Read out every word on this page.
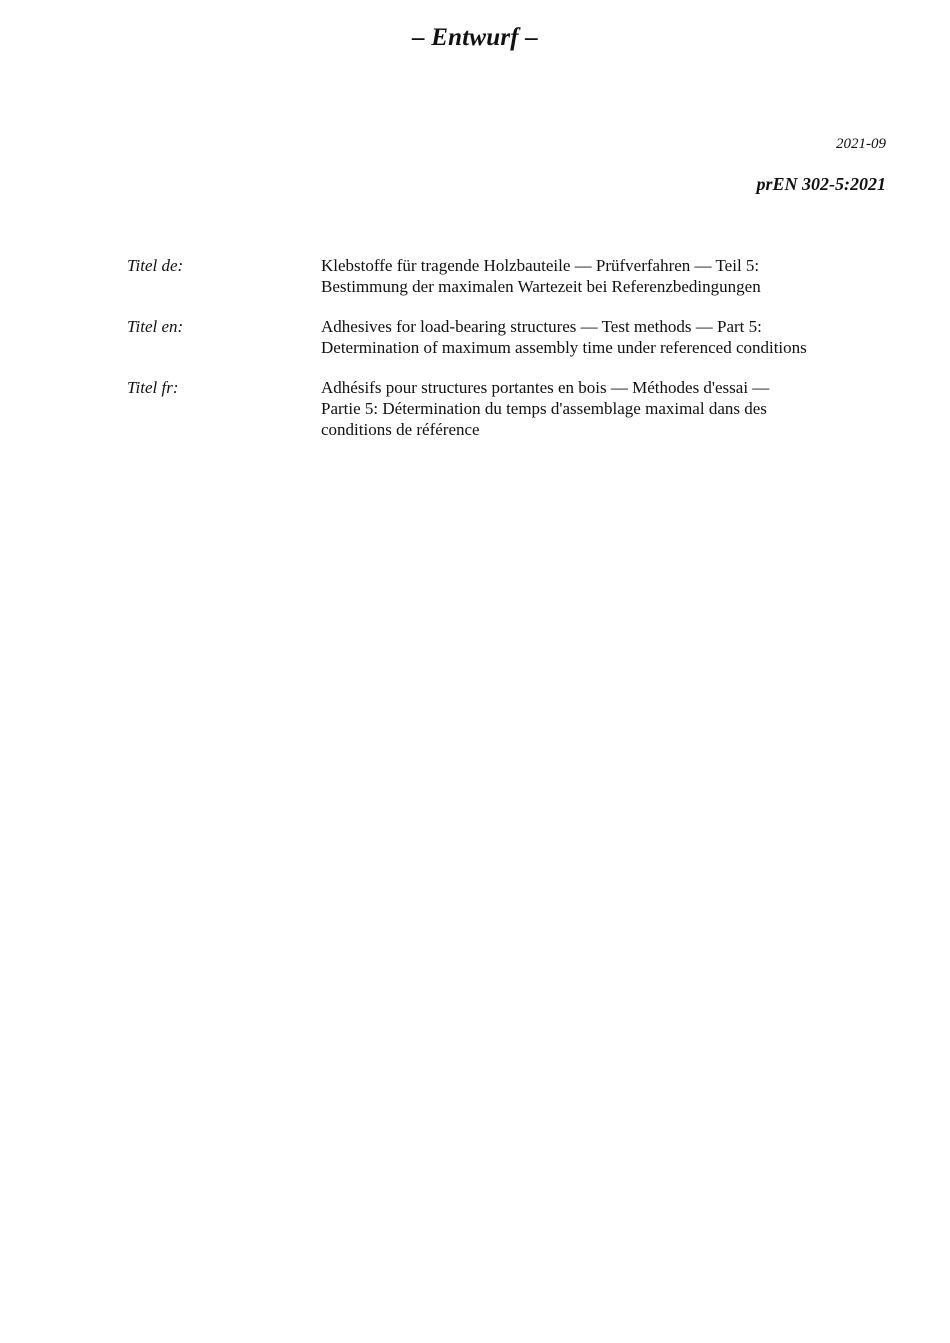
– Entwurf –
2021-09
prEN 302-5:2021
Titel de:	Klebstoffe für tragende Holzbauteile — Prüfverfahren — Teil 5:
Bestimmung der maximalen Wartezeit bei Referenzbedingungen
Titel en:	Adhesives for load-bearing structures — Test methods — Part 5:
Determination of maximum assembly time under referenced conditions
Titel fr:	Adhésifs pour structures portantes en bois — Méthodes d'essai —
Partie 5: Détermination du temps d'assemblage maximal dans des
conditions de référence
